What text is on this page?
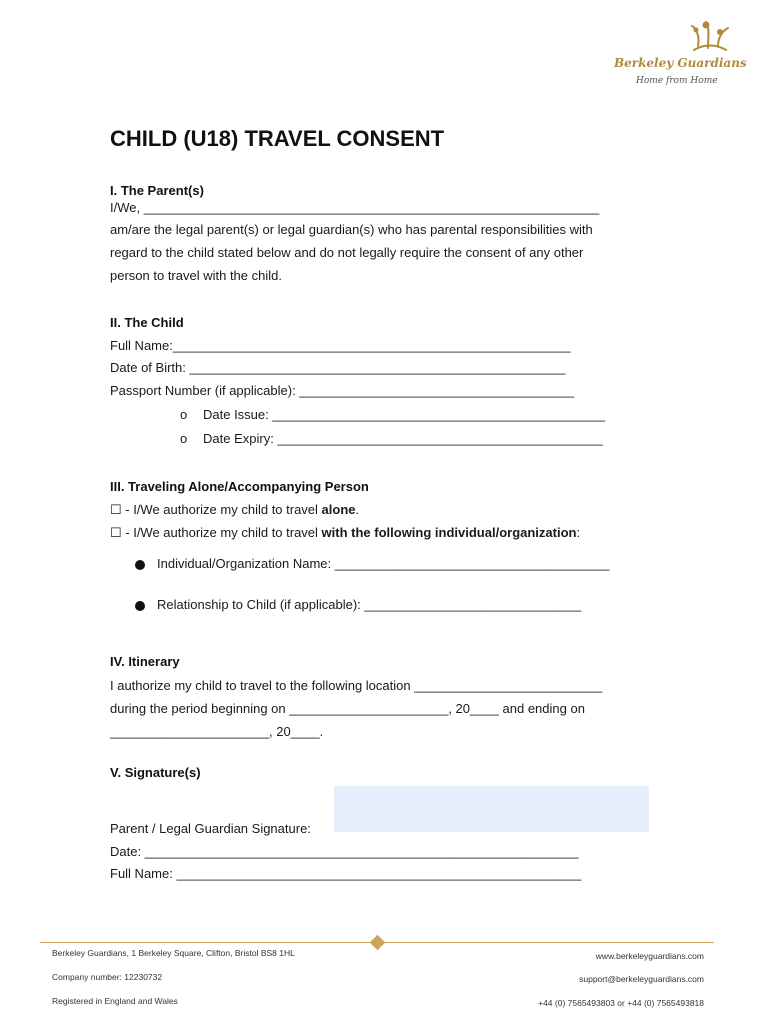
Berkeley Guardians
Home from Home
CHILD (U18) TRAVEL CONSENT
I. The Parent(s)
I/We, _______________________________________________________________
am/are the legal parent(s) or legal guardian(s) who has parental responsibilities with
regard to the child stated below and do not legally require the consent of any other
person to travel with the child.
II. The Child
Full Name:_______________________________________________________
Date of Birth: ____________________________________________________
Passport Number (if applicable): ______________________________________
o Date Issue: ______________________________________________
o Date Expiry: _____________________________________________
III. Traveling Alone/Accompanying Person
☐ - I/We authorize my child to travel alone.
☐ - I/We authorize my child to travel with the following individual/organization:
Individual/Organization Name: ______________________________________
Relationship to Child (if applicable): ______________________________
IV. Itinerary
I authorize my child to travel to the following location __________________________
during the period beginning on ______________________, 20____ and ending on
______________________, 20____.
V. Signature(s)
Parent / Legal Guardian Signature:
Date: ____________________________________________________________
Full Name: ________________________________________________________
Berkeley Guardians, 1 Berkeley Square, Clifton, Bristol BS8 1HL
Company number: 12230732
Registered in England and Wales
www.berkeleyguardians.com
support@berkeleyguardians.com
+44 (0) 7565493803 or +44 (0) 7565493818
